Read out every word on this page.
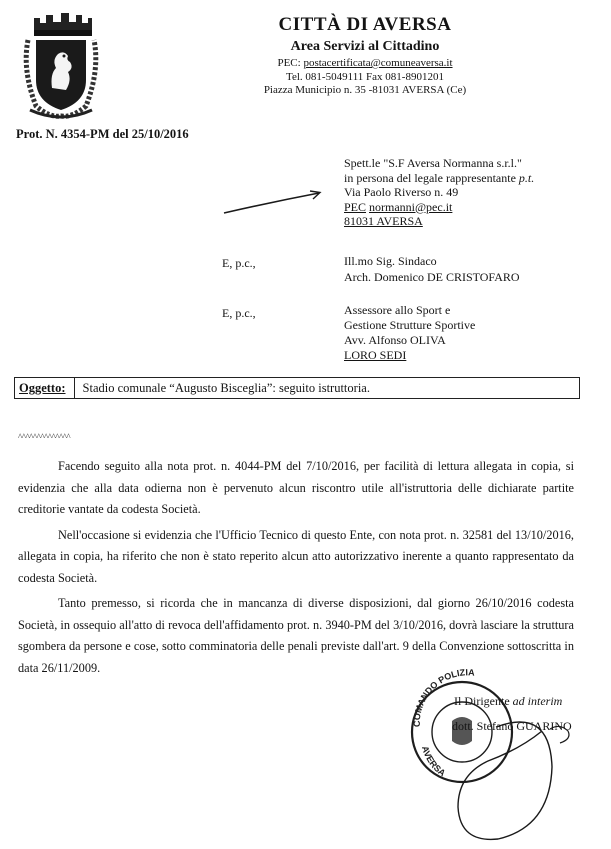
CITTÀ DI AVERSA
Area Servizi al Cittadino
PEC: postacertificata@comuneaversa.it
Tel. 081-5049111 Fax 081-8901201
Piazza Municipio n. 35 -81031 AVERSA (Ce)
Prot. N. 4354-PM del 25/10/2016
Spett.le "S.F Aversa Normanna s.r.l."
in persona del legale rappresentante p.t.
Via Paolo Riverso n. 49
PEC normanni@pec.it
81031 AVERSA
E, p.c.,	Ill.mo Sig. Sindaco
Arch. Domenico DE CRISTOFARO
E, p.c.,	Assessore allo Sport e
Gestione Strutture Sportive
Avv. Alfonso OLIVA
LORO SEDI
Oggetto:	Stadio comunale “Augusto Bisceglia”: seguito istruttoria.
^^^^^^^^^^^^^^

Facendo seguito alla nota prot. n. 4044-PM del 7/10/2016, per facilità di lettura allegata in copia, si evidenzia che alla data odierna non è pervenuto alcun riscontro utile all'istruttoria delle dichiarate partite creditorie vantate da codesta Società.

Nell'occasione si evidenzia che l'Ufficio Tecnico di questo Ente, con nota prot. n. 32581 del 13/10/2016, allegata in copia, ha riferito che non è stato reperito alcun atto autorizzativo inerente a quanto rappresentato da codesta Società.

Tanto premesso, si ricorda che in mancanza di diverse disposizioni, dal giorno 26/10/2016 codesta Società, in ossequio all'atto di revoca dell'affidamento prot. n. 3940-PM del 3/10/2016, dovrà lasciare la struttura sgombera da persone e cose, sotto comminatoria delle penali previste dall'art. 9 della Convenzione sottoscritta in data 26/11/2009.

COMANDO POLIZIA
AVERSA
Il Dirigente ad interim
dott. Stefano GUARINO
